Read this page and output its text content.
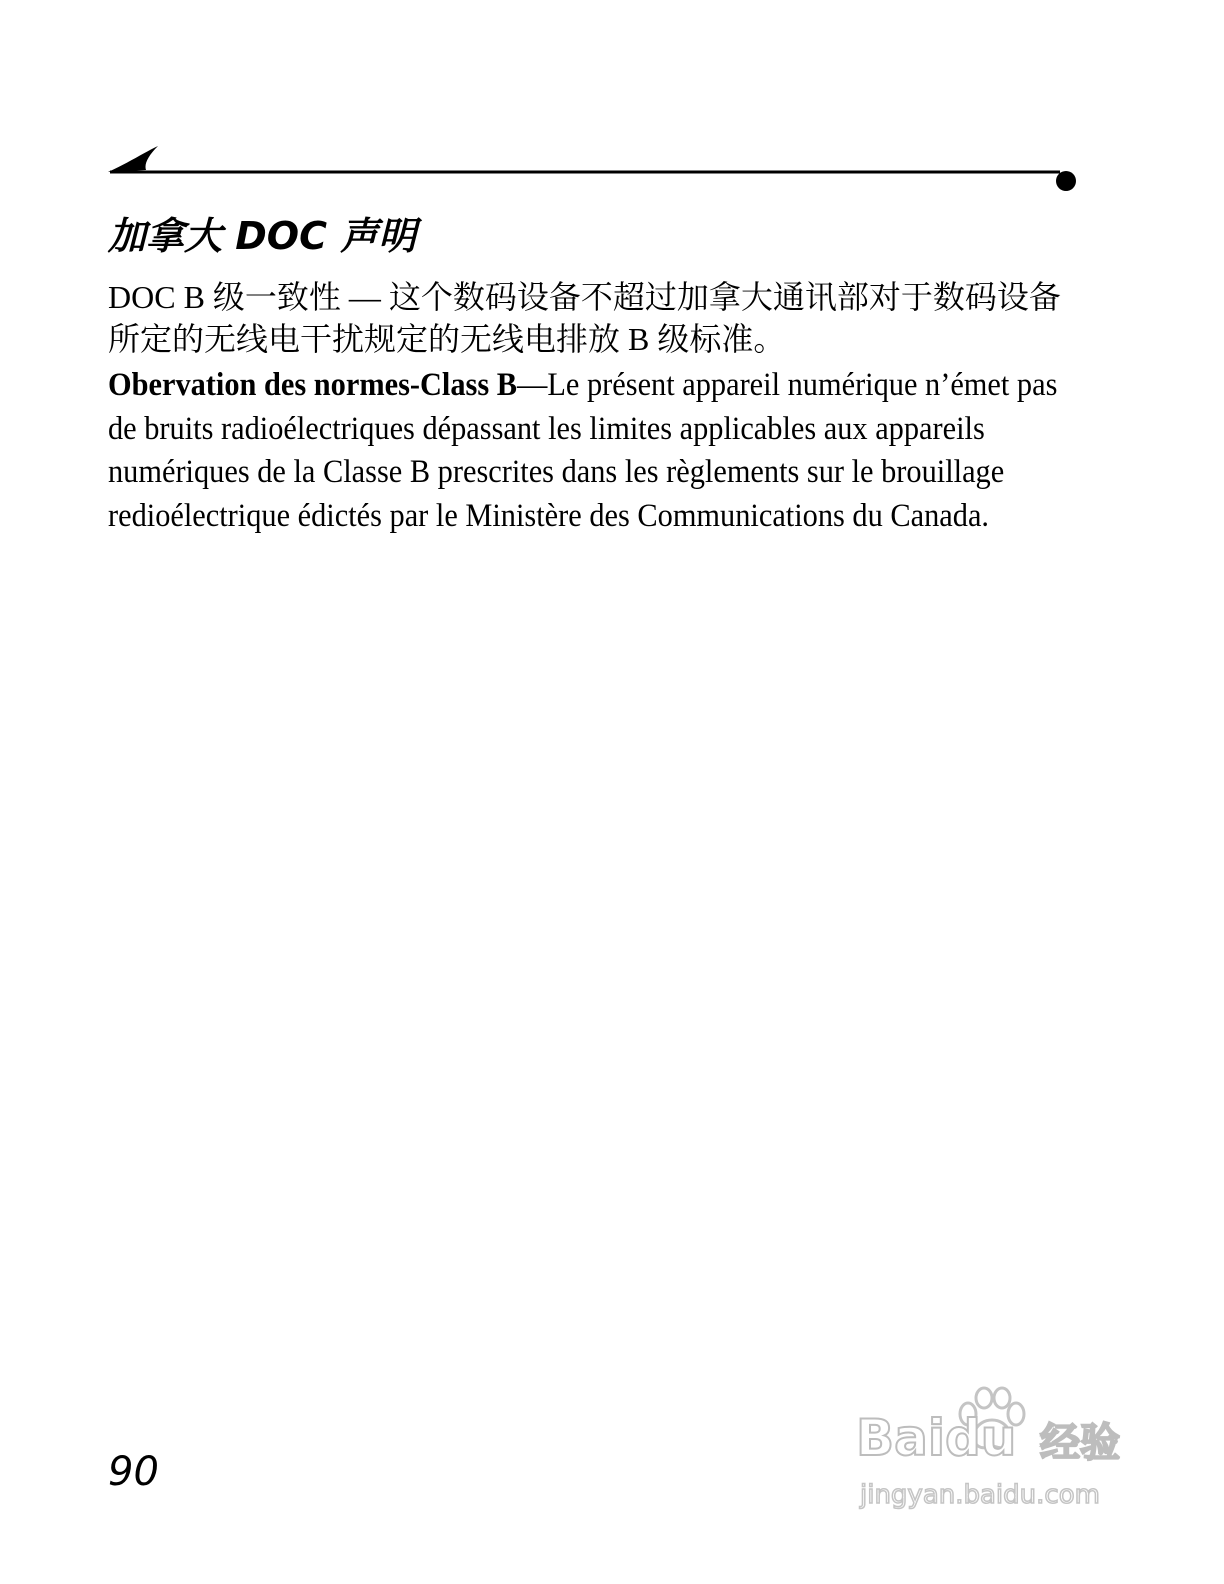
加拿大 DOC 声明

DOC B 级一致性 — 这个数码设备不超过加拿大通讯部对于数码设备所定的无线电干扰规定的无线电排放 B 级标准。

Obervation des normes-Class B—Le présent appareil numérique n’émet pas de bruits radioélectriques dépassant les limites applicables aux appareils numériques de la Classe B prescrites dans les règlements sur le brouillage redioélectrique édictés par le Ministère des Communications du Canada.

90
Baidu 经验
jingyan.baidu.com
